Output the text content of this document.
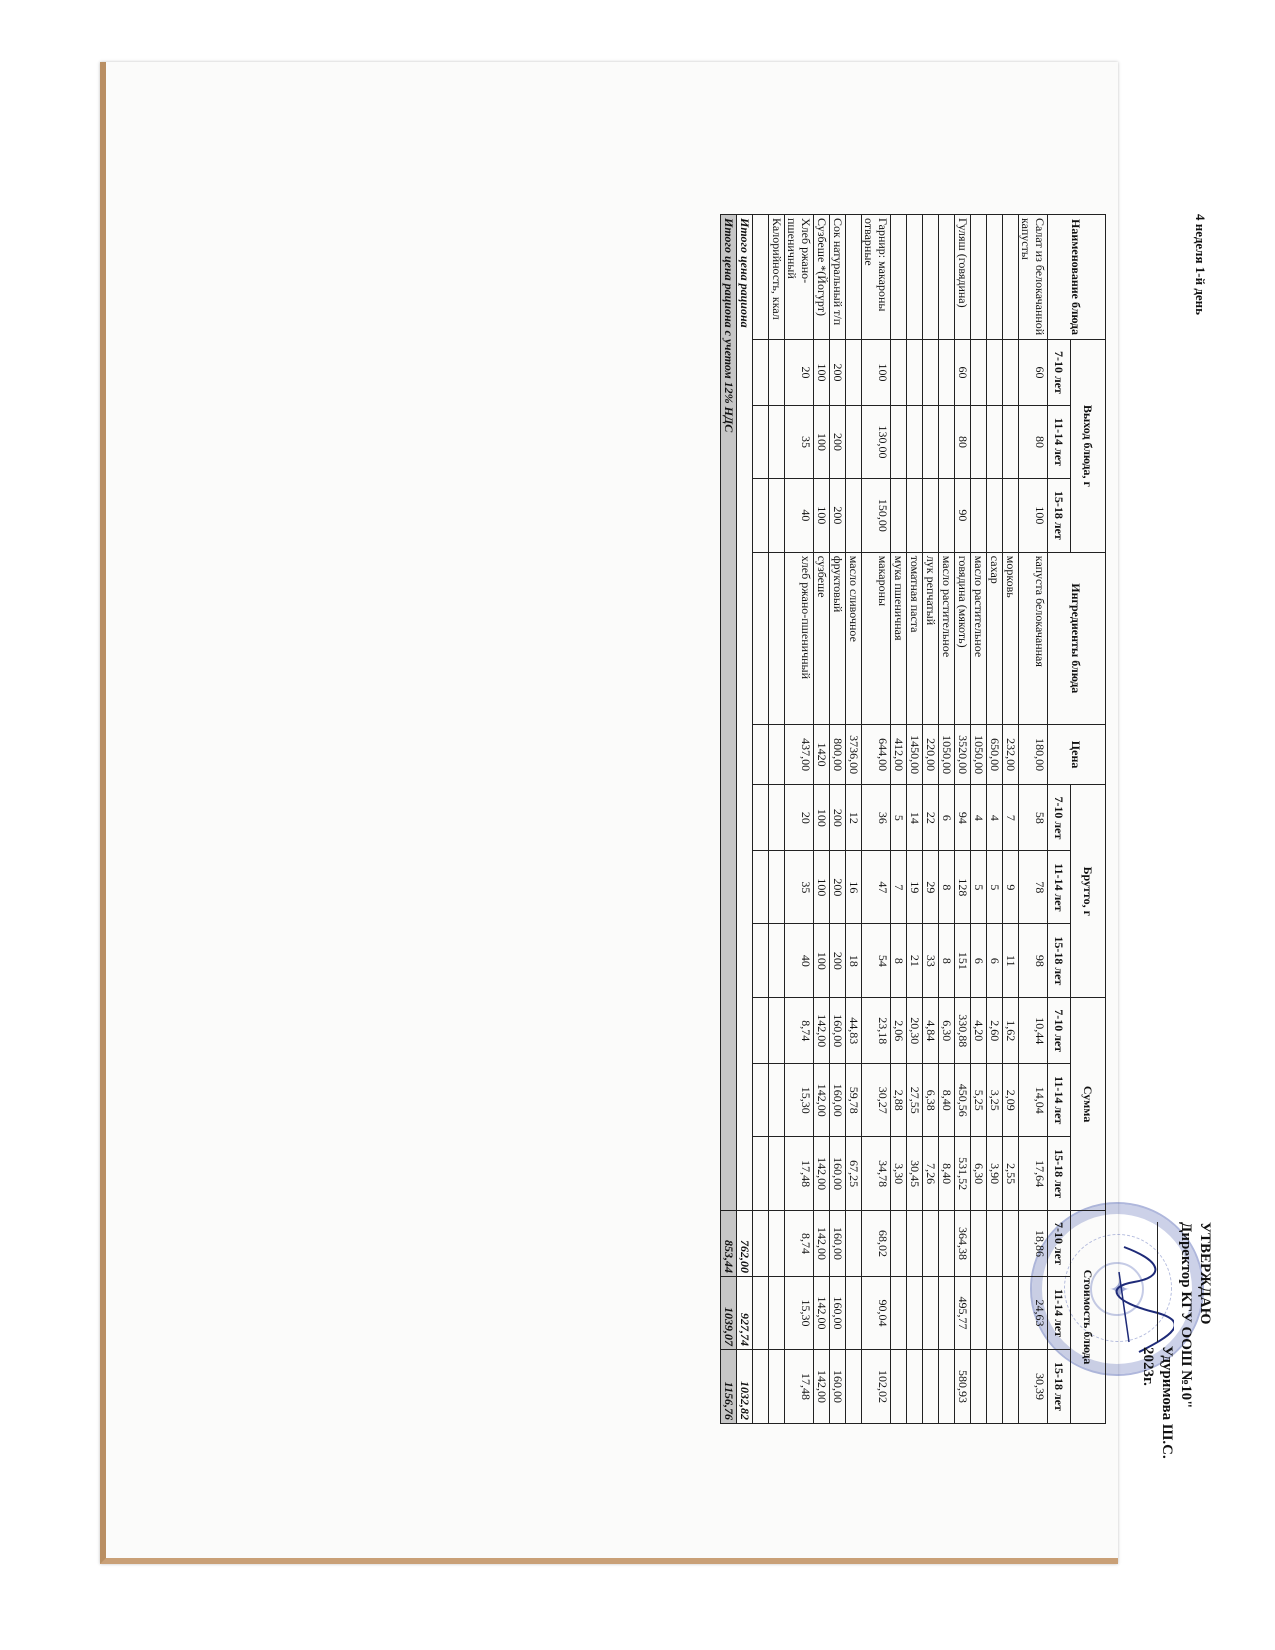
4 неделя 1-й день
✦	УТВЕРЖДАЮ
Директор КГУ ООШ №10"
Удуримова Ш.С.
2023г.
Наименование блюда	Выход блюда, г			Ингредиенты блюда	Цена	Брутто, г			Сумма			Стоимость блюда		
	7-10 лет	11-14 лет	15-18 лет			7-10 лет	11-14 лет	15-18 лет	7-10 лет	11-14 лет	15-18 лет	7-10 лет	11-14 лет	15-18 лет
Салат из белокачанной капусты	60	80	100	капуста белокачанная	180,00	58	78	98	10,44	14,04	17,64	18,86	24,63	30,39
				морковь	232,00	7	9	11	1,62	2,09	2,55			
				сахар	650,00	4	5	6	2,60	3,25	3,90			
				масло растительное	1050,00	4	5	6	4,20	5,25	6,30			
Гуляш (говядина)	60	80	90	говядина (мякоть)	3520,00	94	128	151	330,88	450,56	531,52	364,38	495,77	580,93
				масло растительное	1050,00	6	8	8	6,30	8,40	8,40			
				лук репчатый	220,00	22	29	33	4,84	6,38	7,26			
				томатная паста	1450,00	14	19	21	20,30	27,55	30,45			
				мука пшеничная	412,00	5	7	8	2,06	2,88	3,30			
Гарнир: макароны отварные	100	130,00	150,00	макароны	644,00	36	47	54	23,18	30,27	34,78	68,02	90,04	102,02
				масло сливочное	3736,00	12	16	18	44,83	59,78	67,25			
Сок натуральный т/п	200	200	200	фруктовый	800,00	200	200	200	160,00	160,00	160,00	160,00	160,00	160,00
Сузбеше *(Йогурт)	100	100	100	сузбеше	1420	100	100	100	142,00	142,00	142,00	142,00	142,00	142,00
Хлеб ржано-пшеничный	20	35	40	хлеб ржано-пшеничный	437,00	20	35	40	8,74	15,30	17,48	8,74	15,30	17,48
Калорийность, ккал														

Итого цена рациона												762,00	927,74	1032,82
Итого цена рациона с учетом 12% НДС												853,44	1039,07	1156,76
